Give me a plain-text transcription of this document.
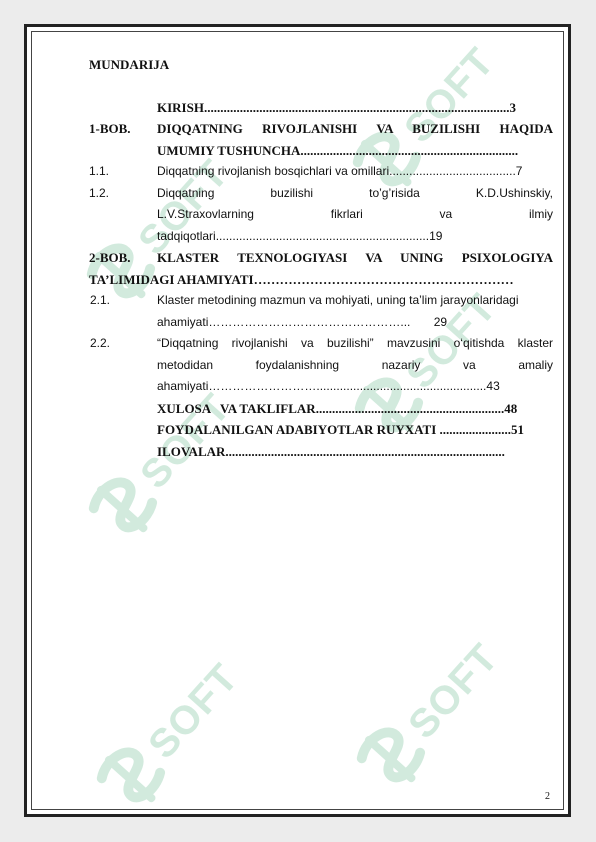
SOFT
SOFT
SOFT
SOFT
SOFT	SOFT
2
MUNDARIJA
KIRISH..............................................................................................3
1-BOB. DIQQATNING RIVOJLANISHI VA BUZILISHI HAQIDA
UMUMIY TUSHUNCHA...................................................................
1.1.	Diqqatning rivojlanish bosqichlari va omillari......................................7
1.2.	Diqqatning buzilishi to’g’risida K.D.Ushinskiy,
L.V.Straxovlarning fikrlari va ilmiy
tadqiqotlari................................................................19
2-BOB. KLASTER TEXNOLOGIYASI VA UNING PSIXOLOGIYA
TA’LIMIDAGI AHAMIYATI……………………………………………………
2.1.	Klaster metodining mazmun va mohiyati, uning ta’lim jarayonlaridagi
ahamiyati…………………………………………...       29
2.2.	“Diqqatning rivojlanishi va buzilishi” mavzusini o‘qitishda klaster
metodidan foydalanishning nazariy va amaliy
ahamiyati………………………...................................................43
XULOSA   VA TAKLIFLAR..........................................................48
FOYDALANILGAN ADABIYOTLAR RUYXATI ......................51
ILOVALAR......................................................................................
